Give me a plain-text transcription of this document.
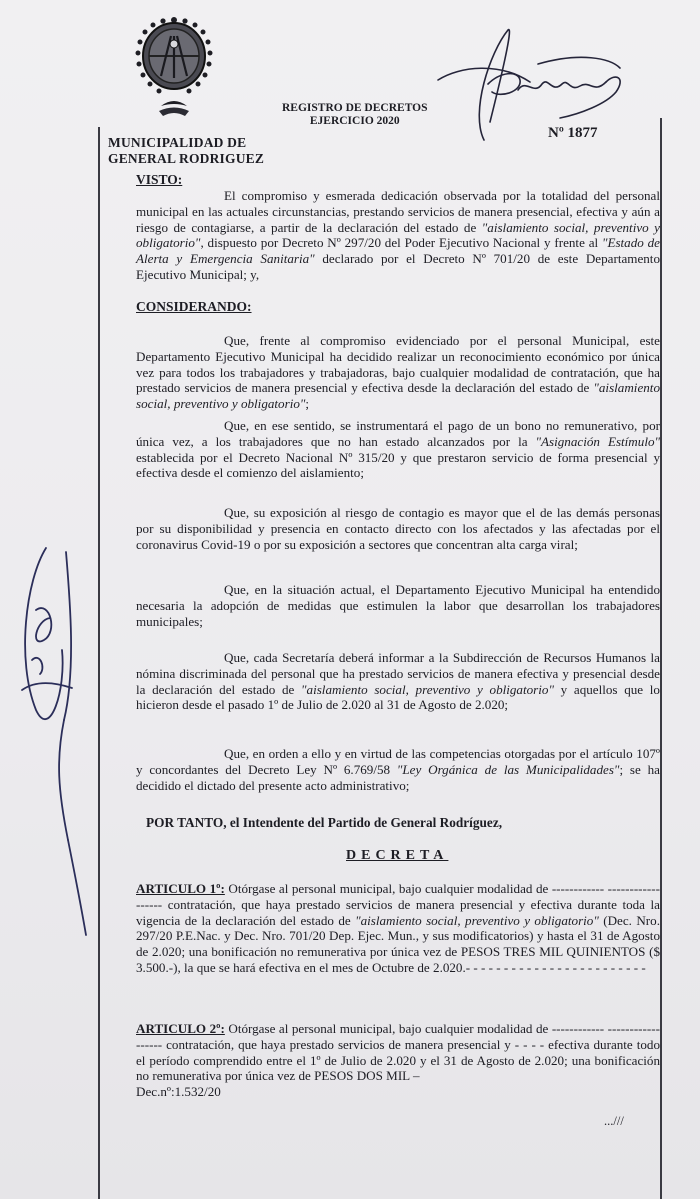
MUNICIPALIDAD DE
GENERAL RODRIGUEZ
REGISTRO DE DECRETOS
EJERCICIO 2020
Nº 1877
VISTO:

El compromiso y esmerada dedicación observada por la totalidad del personal municipal en las actuales circunstancias, prestando servicios de manera presencial, efectiva y aún a riesgo de contagiarse, a partir de la declaración del estado de "aislamiento social, preventivo y obligatorio", dispuesto por Decreto Nº 297/20 del Poder Ejecutivo Nacional y frente al "Estado de Alerta y Emergencia Sanitaria" declarado por el Decreto Nº 701/20 de este Departamento Ejecutivo Municipal; y,

CONSIDERANDO:

Que, frente al compromiso evidenciado por el personal Municipal, este Departamento Ejecutivo Municipal ha decidido realizar un reconocimiento económico por única vez para todos los trabajadores y trabajadoras, bajo cualquier modalidad de contratación, que ha prestado servicios de manera presencial y efectiva desde la declaración del estado de "aislamiento social, preventivo y obligatorio";

Que, en ese sentido, se instrumentará el pago de un bono no remunerativo, por única vez, a los trabajadores que no han estado alcanzados por la "Asignación Estímulo" establecida por el Decreto Nacional Nº 315/20 y que prestaron servicio de forma presencial y efectiva desde el comienzo del aislamiento;

Que, su exposición al riesgo de contagio es mayor que el de las demás personas por su disponibilidad y presencia en contacto directo con los afectados y las afectadas por el coronavirus Covid-19 o por su exposición a sectores que concentran alta carga viral;

Que, en la situación actual, el Departamento Ejecutivo Municipal ha entendido necesaria la adopción de medidas que estimulen la labor que desarrollan los trabajadores municipales;

Que, cada Secretaría deberá informar a la Subdirección de Recursos Humanos la nómina discriminada del personal que ha prestado servicios de manera efectiva y presencial desde la declaración del estado de "aislamiento social, preventivo y obligatorio" y aquellos que lo hicieron desde el pasado 1º de Julio de 2.020 al 31 de Agosto de 2.020;

Que, en orden a ello y en virtud de las competencias otorgadas por el artículo 107º y concordantes del Decreto Ley Nº 6.769/58 "Ley Orgánica de las Municipalidades"; se ha decidido el dictado del presente acto administrativo;

POR TANTO, el Intendente del Partido de General Rodríguez,
DECRETA

ARTICULO 1º: Otórgase al personal municipal, bajo cualquier modalidad de ------------ ------------------ contratación, que haya prestado servicios de manera presencial y efectiva durante toda la vigencia de la declaración del estado de "aislamiento social, preventivo y obligatorio" (Dec. Nro. 297/20 P.E.Nac. y Dec. Nro. 701/20 Dep. Ejec. Mun., y sus modificatorios) y hasta el 31 de Agosto de 2.020; una bonificación no remunerativa por única vez de PESOS TRES MIL QUINIENTOS ($ 3.500.-), la que se hará efectiva en el mes de Octubre de 2.020.- - - - - - - - - - - - - - - - - - - - - - - -

ARTICULO 2º: Otórgase al personal municipal, bajo cualquier modalidad de ------------ ------------------ contratación, que haya prestado servicios de manera presencial y - - - - efectiva durante todo el período comprendido entre el 1º de Julio de 2.020 y el 31 de Agosto de 2.020; una bonificación no remunerativa por única vez de PESOS DOS MIL –

Dec.nº:1.532/20

...///
